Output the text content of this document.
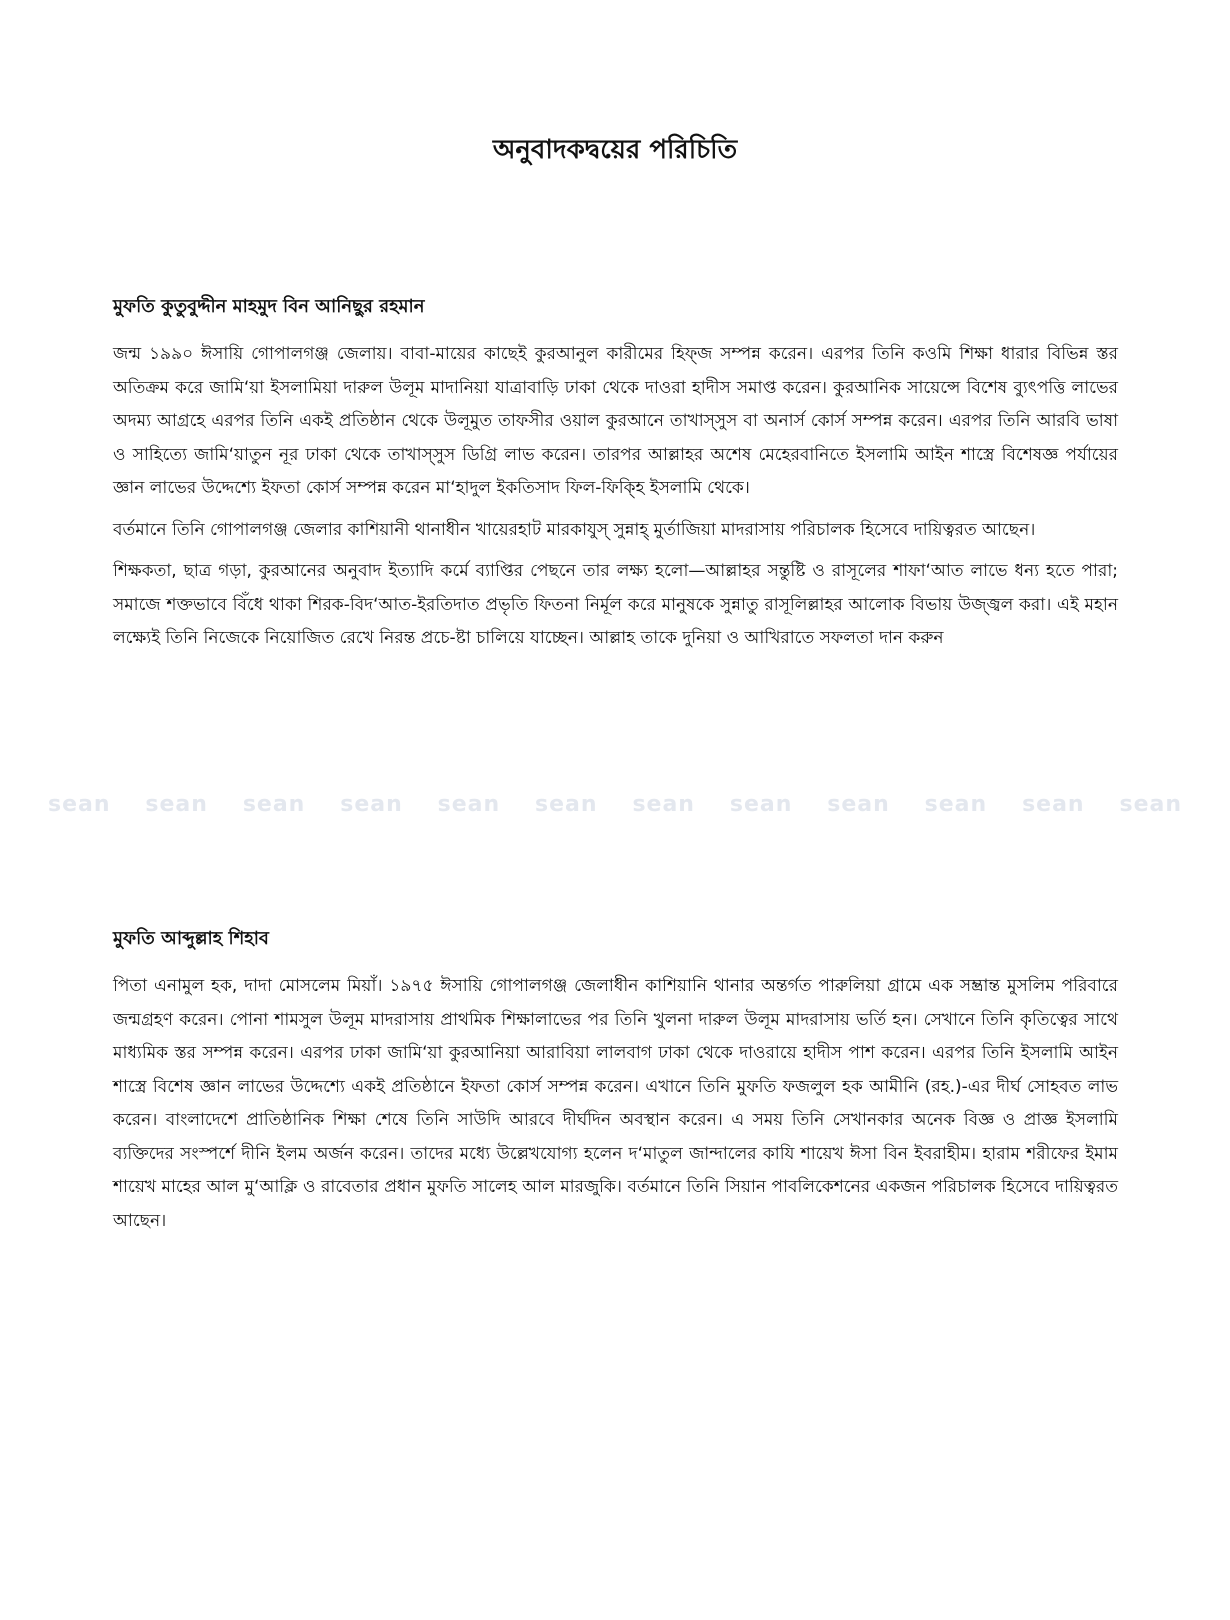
অনুবাদকদ্বয়ের পরিচিতি
মুফতি কুতুবুদ্দীন মাহমুদ বিন আনিছুর রহমান

জন্ম ১৯৯০ ঈসায়ি গোপালগঞ্জ জেলায়। বাবা-মায়ের কাছেই কুরআনুল কারীমের হিফ্জ সম্পন্ন করেন। এরপর তিনি কওমি শিক্ষা ধারার বিভিন্ন স্তর অতিক্রম করে জামি‘য়া ইসলামিয়া দারুল উলূম মাদানিয়া যাত্রাবাড়ি ঢাকা থেকে দাওরা হাদীস সমাপ্ত করেন। কুরআনিক সায়েন্সে বিশেষ ব্যুৎপত্তি লাভের অদম্য আগ্রহে এরপর তিনি একই প্রতিষ্ঠান থেকে উলূমুত তাফসীর ওয়াল কুরআনে তাখাস্সুস বা অনার্স কোর্স সম্পন্ন করেন। এরপর তিনি আরবি ভাষা ও সাহিত্যে জামি‘য়াতুন নূর ঢাকা থেকে তাখাস্সুস ডিগ্রি লাভ করেন। তারপর আল্লাহর অশেষ মেহেরবানিতে ইসলামি আইন শাস্ত্রে বিশেষজ্ঞ পর্যায়ের জ্ঞান লাভের উদ্দেশ্যে ইফতা কোর্স সম্পন্ন করেন মা‘হাদুল ইকতিসাদ ফিল-ফিক্হি ইসলামি থেকে।

বর্তমানে তিনি গোপালগঞ্জ জেলার কাশিয়ানী থানাধীন খায়েরহাট মারকাযুস্ সুন্নাহ্ মুর্তাজিয়া মাদরাসায় পরিচালক হিসেবে দায়িত্বরত আছেন।

শিক্ষকতা, ছাত্র গড়া, কুরআনের অনুবাদ ইত্যাদি কর্মে ব্যাপ্তির পেছনে তার লক্ষ্য হলো—আল্লাহর সন্তুষ্টি ও রাসূলের শাফা‘আত লাভে ধন্য হতে পারা; সমাজে শক্তভাবে বিঁধে থাকা শিরক-বিদ‘আত-ইরতিদাত প্রভৃতি ফিতনা নির্মূল করে মানুষকে সুন্নাতু রাসূলিল্লাহর আলোক বিভায় উজ্জ্বল করা। এই মহান লক্ষ্যেই তিনি নিজেকে নিয়োজিত রেখে নিরন্ত প্রচে-ষ্টা চালিয়ে যাচ্ছেন। আল্লাহ তাকে দুনিয়া ও আখিরাতে সফলতা দান করুন

sean sean sean sean sean sean sean sean sean sean sean sean
মুফতি আব্দুল্লাহ শিহাব

পিতা এনামুল হক, দাদা মোসলেম মিয়াঁ। ১৯৭৫ ঈসায়ি গোপালগঞ্জ জেলাধীন কাশিয়ানি থানার অন্তর্গত পারুলিয়া গ্রামে এক সম্ভ্রান্ত মুসলিম পরিবারে জন্মগ্রহণ করেন। পোনা শামসুল উলূম মাদরাসায় প্রাথমিক শিক্ষালাভের পর তিনি খুলনা দারুল উলূম মাদরাসায় ভর্তি হন। সেখানে তিনি কৃতিত্বের সাথে মাধ্যমিক স্তর সম্পন্ন করেন। এরপর ঢাকা জামি‘য়া কুরআনিয়া আরাবিয়া লালবাগ ঢাকা থেকে দাওরায়ে হাদীস পাশ করেন। এরপর তিনি ইসলামি আইন শাস্ত্রে বিশেষ জ্ঞান লাভের উদ্দেশ্যে একই প্রতিষ্ঠানে ইফতা কোর্স সম্পন্ন করেন। এখানে তিনি মুফতি ফজলুল হক আমীনি (রহ.)-এর দীর্ঘ সোহবত লাভ করেন। বাংলাদেশে প্রাতিষ্ঠানিক শিক্ষা শেষে তিনি সাউদি আরবে দীর্ঘদিন অবস্থান করেন। এ সময় তিনি সেখানকার অনেক বিজ্ঞ ও প্রাজ্ঞ ইসলামি ব্যক্তিদের সংস্পর্শে দীনি ইলম অর্জন করেন। তাদের মধ্যে উল্লেখযোগ্য হলেন দ‘মাতুল জান্দালের কাযি শায়েখ ঈসা বিন ইবরাহীম। হারাম শরীফের ইমাম শায়েখ মাহের আল মু‘আক্লি ও রাবেতার প্রধান মুফতি সালেহ আল মারজুকি। বর্তমানে তিনি সিয়ান পাবলিকেশনের একজন পরিচালক হিসেবে দায়িত্বরত আছেন।
